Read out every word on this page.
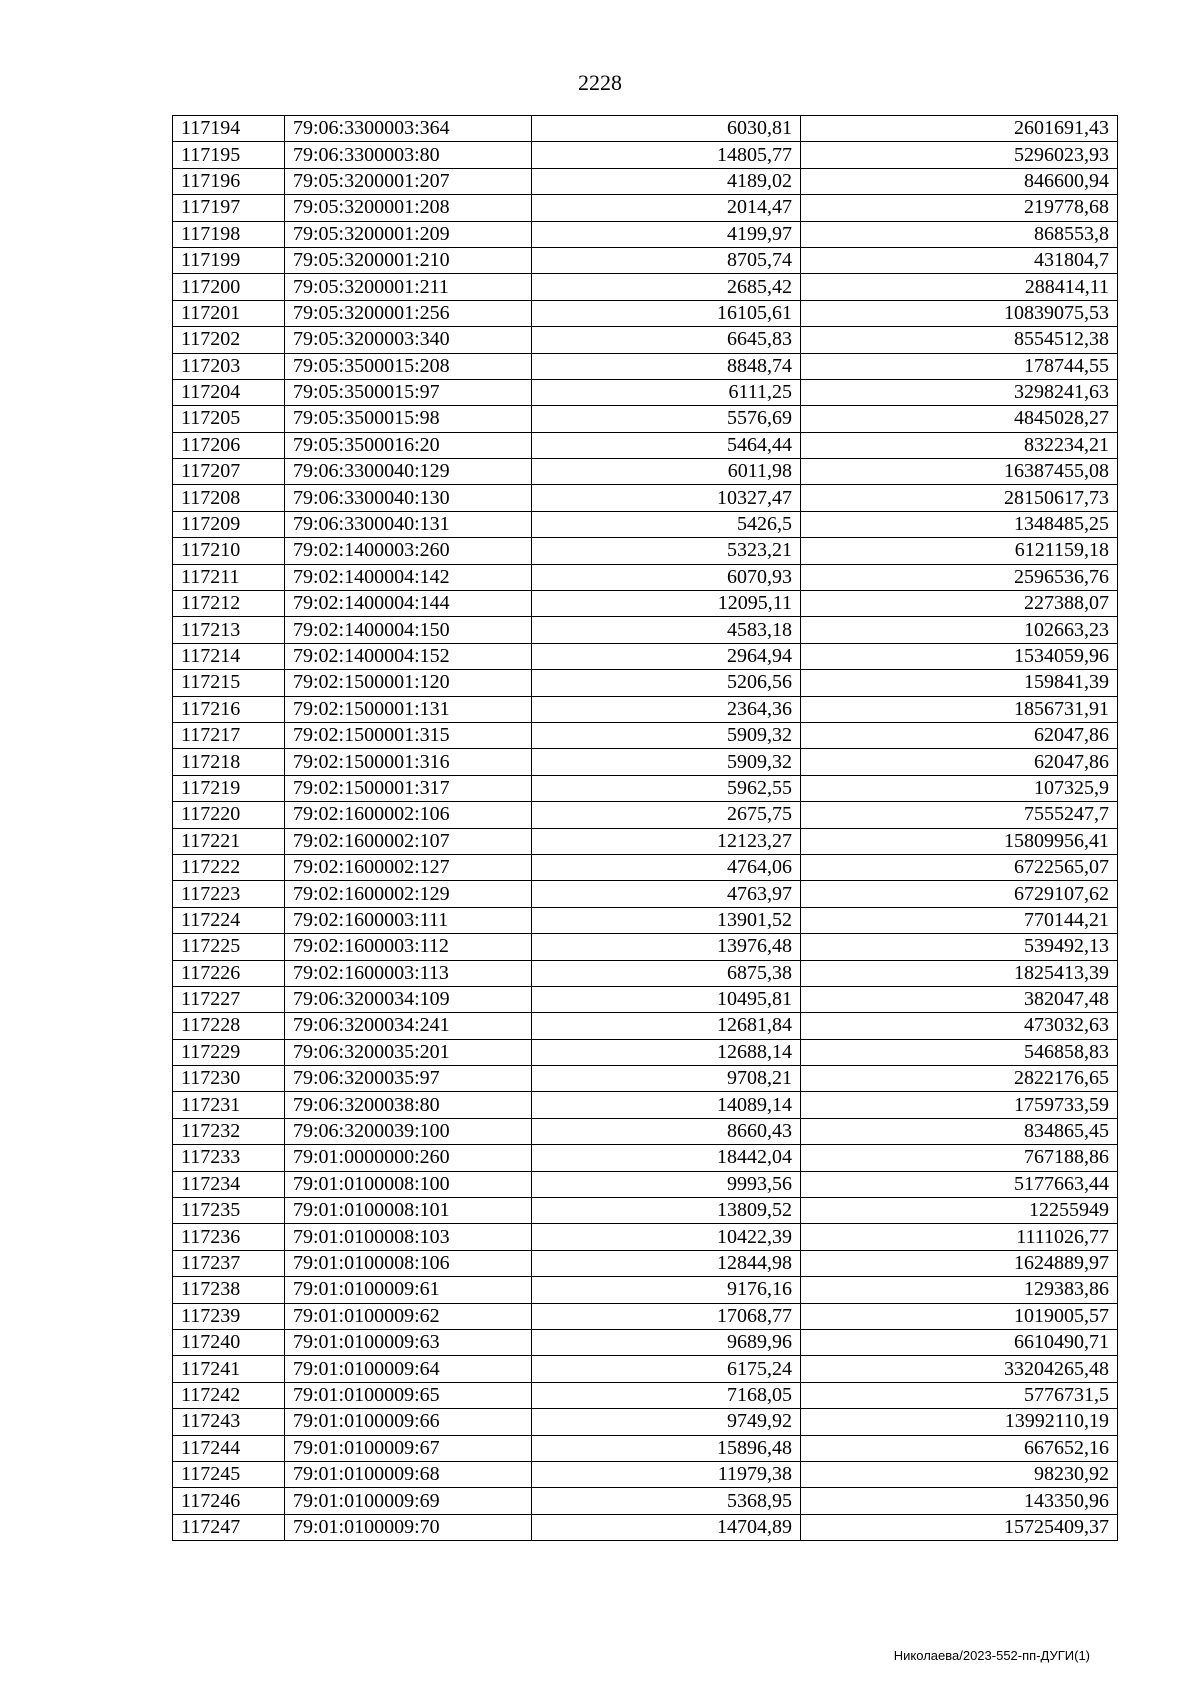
2228
117194	79:06:3300003:364	6030,81	2601691,43
117195	79:06:3300003:80	14805,77	5296023,93
117196	79:05:3200001:207	4189,02	846600,94
117197	79:05:3200001:208	2014,47	219778,68
117198	79:05:3200001:209	4199,97	868553,8
117199	79:05:3200001:210	8705,74	431804,7
117200	79:05:3200001:211	2685,42	288414,11
117201	79:05:3200001:256	16105,61	10839075,53
117202	79:05:3200003:340	6645,83	8554512,38
117203	79:05:3500015:208	8848,74	178744,55
117204	79:05:3500015:97	6111,25	3298241,63
117205	79:05:3500015:98	5576,69	4845028,27
117206	79:05:3500016:20	5464,44	832234,21
117207	79:06:3300040:129	6011,98	16387455,08
117208	79:06:3300040:130	10327,47	28150617,73
117209	79:06:3300040:131	5426,5	1348485,25
117210	79:02:1400003:260	5323,21	6121159,18
117211	79:02:1400004:142	6070,93	2596536,76
117212	79:02:1400004:144	12095,11	227388,07
117213	79:02:1400004:150	4583,18	102663,23
117214	79:02:1400004:152	2964,94	1534059,96
117215	79:02:1500001:120	5206,56	159841,39
117216	79:02:1500001:131	2364,36	1856731,91
117217	79:02:1500001:315	5909,32	62047,86
117218	79:02:1500001:316	5909,32	62047,86
117219	79:02:1500001:317	5962,55	107325,9
117220	79:02:1600002:106	2675,75	7555247,7
117221	79:02:1600002:107	12123,27	15809956,41
117222	79:02:1600002:127	4764,06	6722565,07
117223	79:02:1600002:129	4763,97	6729107,62
117224	79:02:1600003:111	13901,52	770144,21
117225	79:02:1600003:112	13976,48	539492,13
117226	79:02:1600003:113	6875,38	1825413,39
117227	79:06:3200034:109	10495,81	382047,48
117228	79:06:3200034:241	12681,84	473032,63
117229	79:06:3200035:201	12688,14	546858,83
117230	79:06:3200035:97	9708,21	2822176,65
117231	79:06:3200038:80	14089,14	1759733,59
117232	79:06:3200039:100	8660,43	834865,45
117233	79:01:0000000:260	18442,04	767188,86
117234	79:01:0100008:100	9993,56	5177663,44
117235	79:01:0100008:101	13809,52	12255949
117236	79:01:0100008:103	10422,39	1111026,77
117237	79:01:0100008:106	12844,98	1624889,97
117238	79:01:0100009:61	9176,16	129383,86
117239	79:01:0100009:62	17068,77	1019005,57
117240	79:01:0100009:63	9689,96	6610490,71
117241	79:01:0100009:64	6175,24	33204265,48
117242	79:01:0100009:65	7168,05	5776731,5
117243	79:01:0100009:66	9749,92	13992110,19
117244	79:01:0100009:67	15896,48	667652,16
117245	79:01:0100009:68	11979,38	98230,92
117246	79:01:0100009:69	5368,95	143350,96
117247	79:01:0100009:70	14704,89	15725409,37
Николаева/2023-552-пп-ДУГИ(1)
